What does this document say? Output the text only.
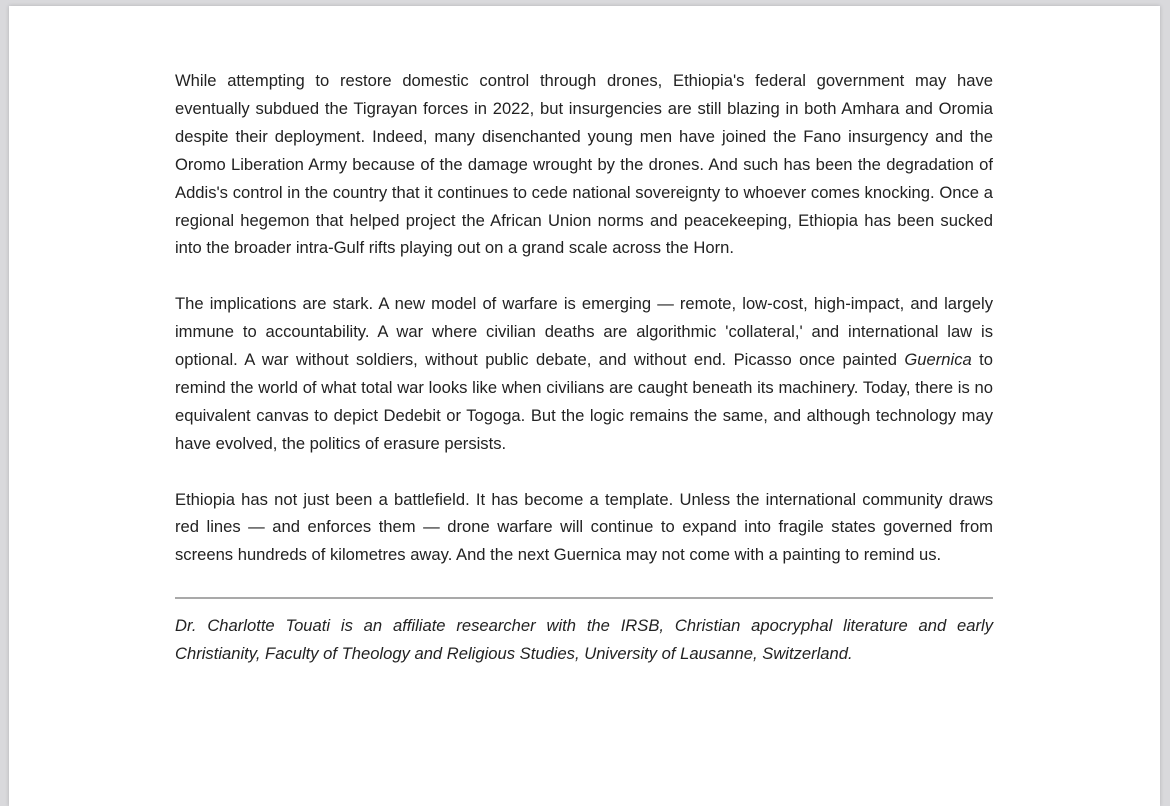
While attempting to restore domestic control through drones, Ethiopia's federal government may have eventually subdued the Tigrayan forces in 2022, but insurgencies are still blazing in both Amhara and Oromia despite their deployment. Indeed, many disenchanted young men have joined the Fano insurgency and the Oromo Liberation Army because of the damage wrought by the drones. And such has been the degradation of Addis's control in the country that it continues to cede national sovereignty to whoever comes knocking. Once a regional hegemon that helped project the African Union norms and peacekeeping, Ethiopia has been sucked into the broader intra-Gulf rifts playing out on a grand scale across the Horn.

The implications are stark. A new model of warfare is emerging — remote, low-cost, high-impact, and largely immune to accountability. A war where civilian deaths are algorithmic 'collateral,' and international law is optional. A war without soldiers, without public debate, and without end. Picasso once painted Guernica to remind the world of what total war looks like when civilians are caught beneath its machinery. Today, there is no equivalent canvas to depict Dedebit or Togoga. But the logic remains the same, and although technology may have evolved, the politics of erasure persists.

Ethiopia has not just been a battlefield. It has become a template. Unless the international community draws red lines — and enforces them — drone warfare will continue to expand into fragile states governed from screens hundreds of kilometres away. And the next Guernica may not come with a painting to remind us.

Dr. Charlotte Touati is an affiliate researcher with the IRSB, Christian apocryphal literature and early Christianity, Faculty of Theology and Religious Studies, University of Lausanne, Switzerland.
